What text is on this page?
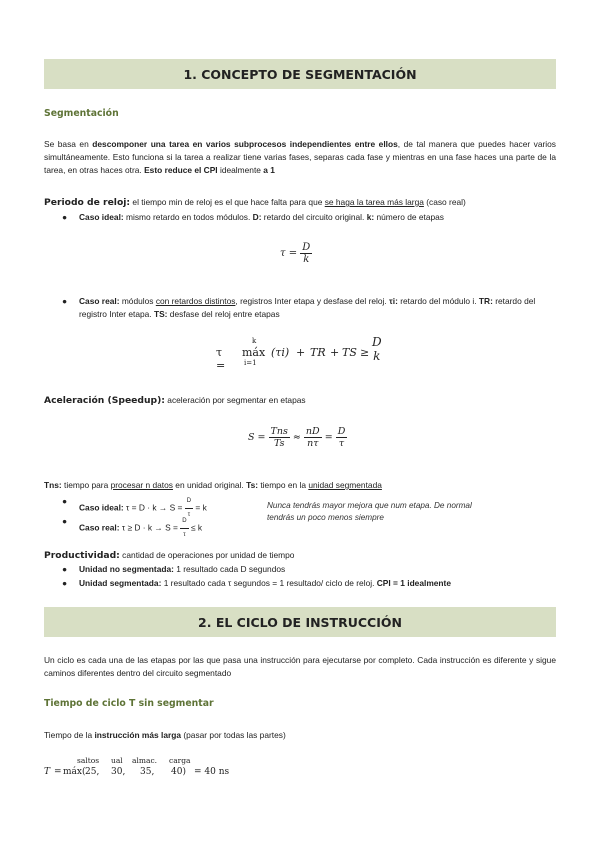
1. CONCEPTO DE SEGMENTACIÓN
Segmentación
Se basa en descomponer una tarea en varios subprocesos independientes entre ellos, de tal manera que puedes hacer varios simultáneamente. Esto funciona si la tarea a realizar tiene varias fases, separas cada fase y mientras en una fase haces una parte de la tarea, en otras haces otra. Esto reduce el CPI idealmente a 1
Periodo de reloj: el tiempo min de reloj es el que hace falta para que se haga la tarea más larga (caso real)
● Caso ideal: mismo retardo en todos módulos. D: retardo del circuito original. k: número de etapas
$\tau = \frac{D}{k}$
● Caso real: módulos con retardos distintos, registros Inter etapa y desfase del reloj. τi: retardo del módulo i. TR: retardo del registro Inter etapa. TS: desfase del reloj entre etapas
τ =
k
máx
i=1
(τi) + TR + TS ≥
D
k
Aceleración (Speedup): aceleración por segmentar en etapas
$S = \frac{\text{Tns}}{Ts} \approx \frac{nD}{n\tau} = \frac{D}{\tau}$
Tns: tiempo para procesar n datos en unidad original. Ts: tiempo en la unidad segmentada
●
Caso ideal: $\tau = D \cdot k \to S = \frac{D}{\tau} = k$
●
Caso real: $\tau \ge D \cdot k \to S = \frac{D}{\tau} \le k$
Nunca tendrás mayor mejora que num etapa. De normal tendrás un poco menos siempre
Productividad: cantidad de operaciones por unidad de tiempo
● Unidad no segmentada: 1 resultado cada D segundos
● Unidad segmentada: 1 resultado cada τ segundos = 1 resultado/ ciclo de reloj. CPI = 1 idealmente
2. EL CICLO DE INSTRUCCIÓN
Un ciclo es cada una de las etapas por las que pasa una instrucción para ejecutarse por completo. Cada instrucción es diferente y sigue caminos diferentes dentro del circuito segmentado
Tiempo de ciclo T sin segmentar
Tiempo de la instrucción más larga (pasar por todas las partes)
saltos ual almac. carga
T = máx( 25, 30, 35, 40) = 40 ns
